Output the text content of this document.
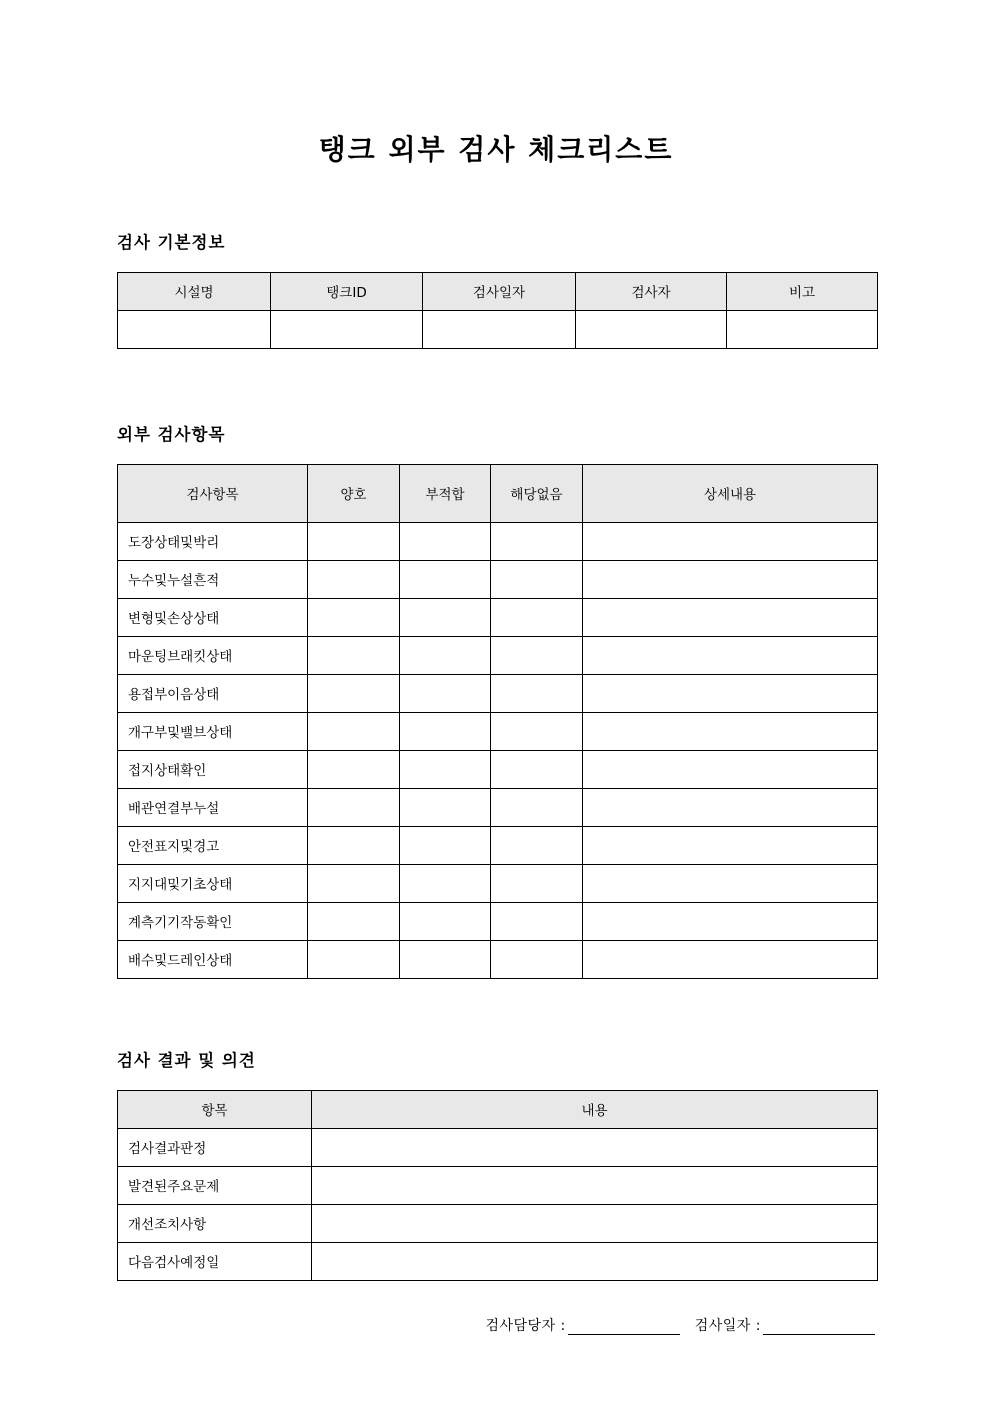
탱크 외부 검사 체크리스트
검사 기본정보
시설명	탱크ID	검사일자	검사자	비고

외부 검사항목
검사항목	양호	부적합	해당없음	상세내용
도장상태및박리				
누수및누설흔적				
변형및손상상태				
마운팅브래킷상태				
용접부이음상태				
개구부및밸브상태				
접지상태확인				
배관연결부누설				
안전표지및경고				
지지대및기초상태				
계측기기작동확인				
배수및드레인상태				
검사 결과 및 의견
항목	내용
검사결과판정	
발견된주요문제	
개선조치사항	
다음검사예정일	
검사담당자 :	검사일자 :
